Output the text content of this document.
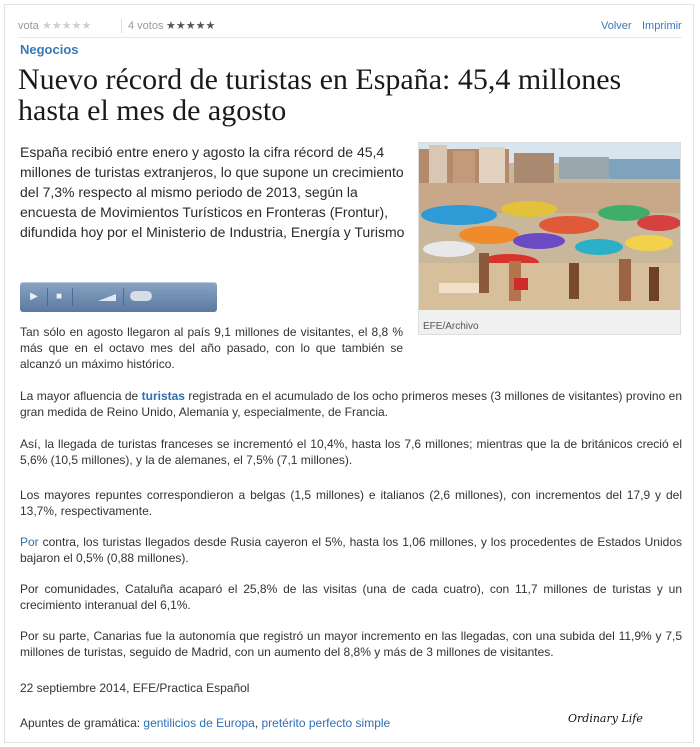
vota ★★★★★	4 votos ★★★★★	Volver Imprimir
Negocios
Nuevo récord de turistas en España: 45,4 millones hasta el mes de agosto
España recibió entre enero y agosto la cifra récord de 45,4 millones de turistas extranjeros, lo que supone un crecimiento del 7,3% respecto al mismo periodo de 2013, según la encuesta de Movimientos Turísticos en Fronteras (Frontur), difundida hoy por el Ministerio de Industria, Energía y Turismo
▶	■
EFE/Archivo
Tan sólo en agosto llegaron al país 9,1 millones de visitantes, el 8,8 % más que en el octavo mes del año pasado, con lo que también se alcanzó un máximo histórico.
La mayor afluencia de turistas registrada en el acumulado de los ocho primeros meses (3 millones de visitantes) provino en gran medida de Reino Unido, Alemania y, especialmente, de Francia.
Así, la llegada de turistas franceses se incrementó el 10,4%, hasta los 7,6 millones; mientras que la de británicos creció el 5,6% (10,5 millones), y la de alemanes, el 7,5% (7,1 millones).
Los mayores repuntes correspondieron a belgas (1,5 millones) e italianos (2,6 millones), con incrementos del 17,9 y del 13,7%, respectivamente.
Por contra, los turistas llegados desde Rusia cayeron el 5%, hasta los 1,06 millones, y los procedentes de Estados Unidos bajaron el 0,5% (0,88 millones).
Por comunidades, Cataluña acaparó el 25,8% de las visitas (una de cada cuatro), con 11,7 millones de turistas y un crecimiento interanual del 6,1%.
Por su parte, Canarias fue la autonomía que registró un mayor incremento en las llegadas, con una subida del 11,9% y 7,5 millones de turistas, seguido de Madrid, con un aumento del 8,8% y más de 3 millones de visitantes.
22 septiembre 2014, EFE/Practica Español
Apuntes de gramática: gentilicios de Europa, pretérito perfecto simple	Ordinary Life
